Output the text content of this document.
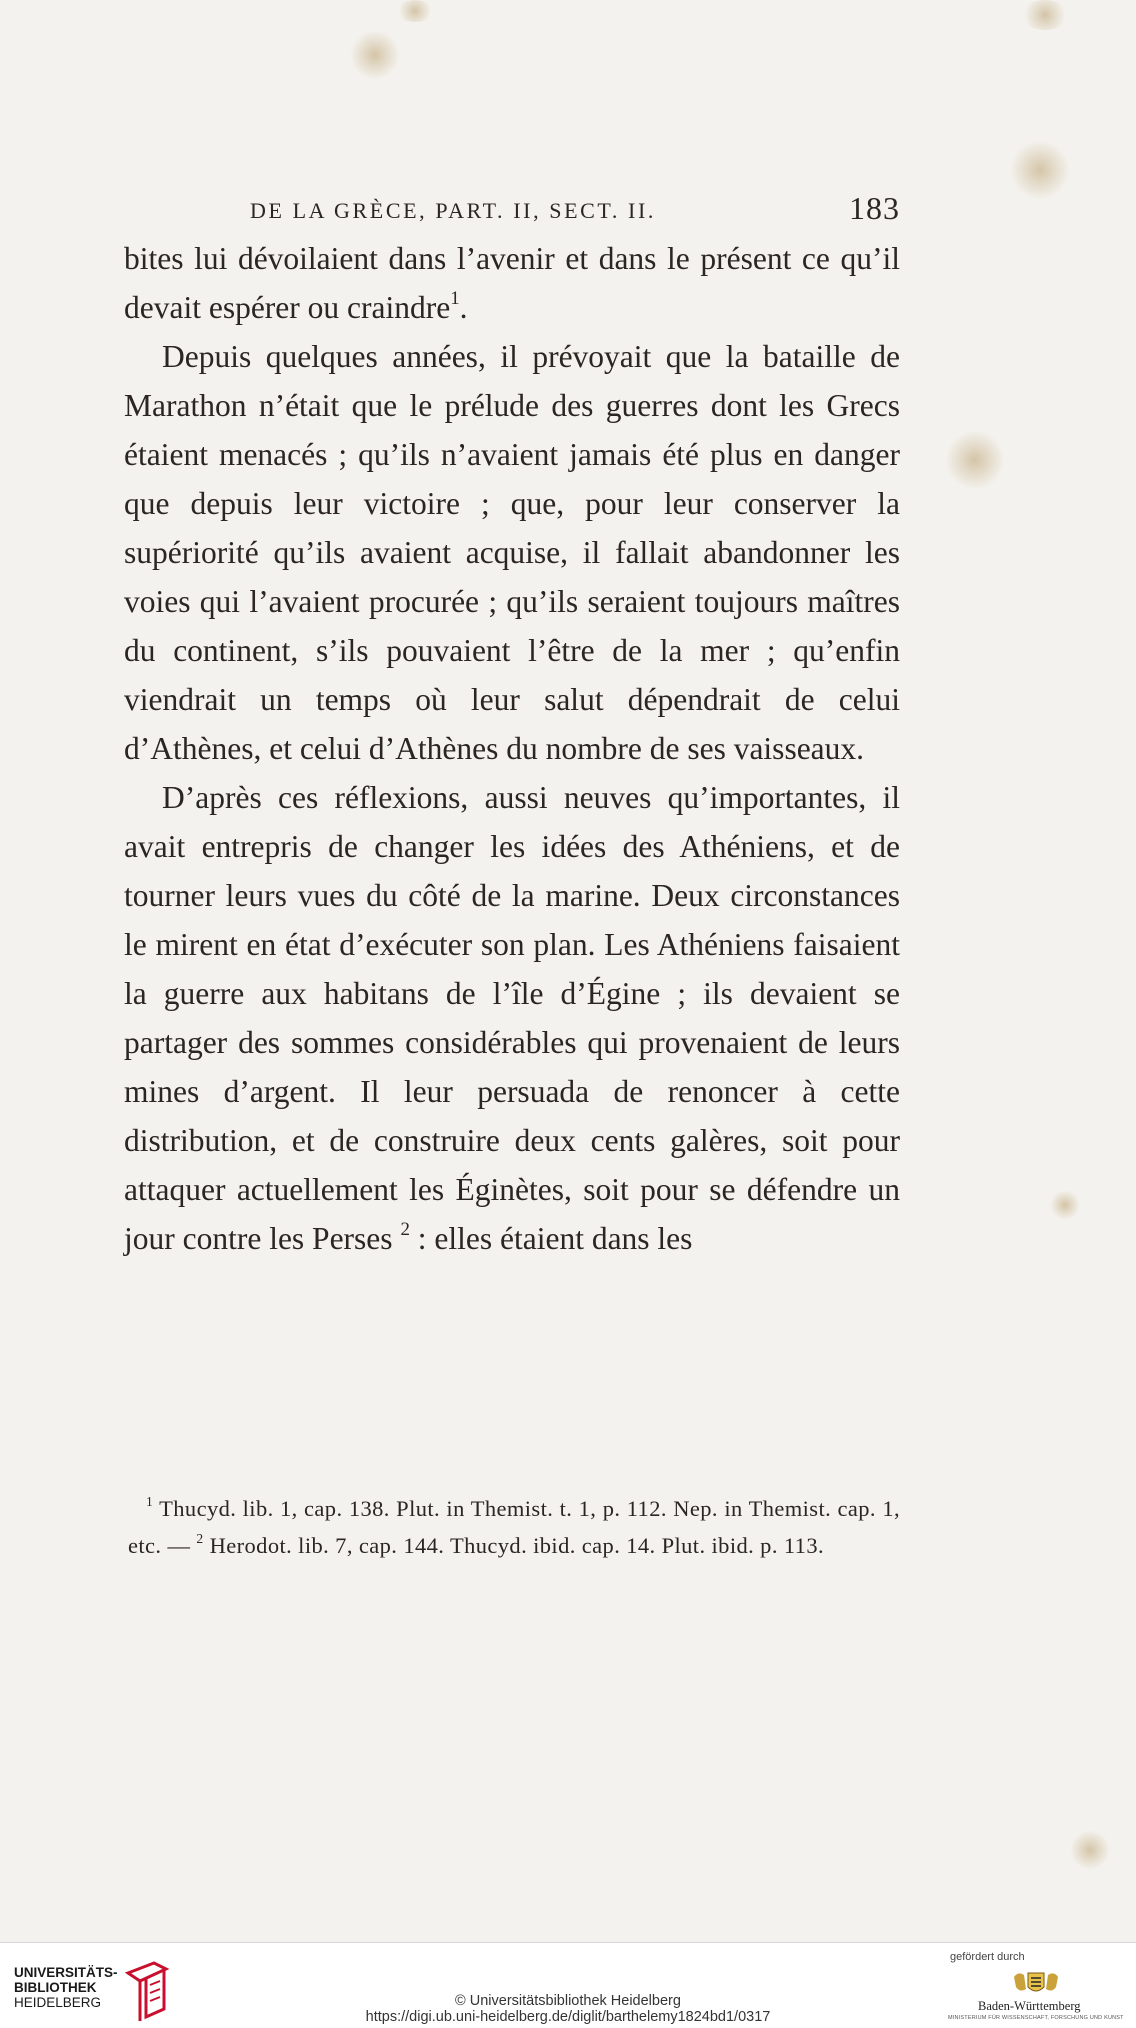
DE LA GRÈCE, PART. II, SECT. II.	183

bites lui dévoilaient dans l’avenir et dans le présent ce qu’il devait espérer ou craindre$^1$.

Depuis quelques années, il prévoyait que la bataille de Marathon n’était que le prélude des guerres dont les Grecs étaient menacés ; qu’ils n’avaient jamais été plus en danger que depuis leur victoire ; que, pour leur conserver la supériorité qu’ils avaient acquise, il fallait abandonner les voies qui l’avaient procurée ; qu’ils seraient toujours maîtres du continent, s’ils pouvaient l’être de la mer ; qu’enfin viendrait un temps où leur salut dépendrait de celui d’Athènes, et celui d’Athènes du nombre de ses vaisseaux.

D’après ces réflexions, aussi neuves qu’importantes, il avait entrepris de changer les idées des Athéniens, et de tourner leurs vues du côté de la marine. Deux circonstances le mirent en état d’exécuter son plan. Les Athéniens faisaient la guerre aux habitans de l’île d’Égine ; ils devaient se partager des sommes considérables qui provenaient de leurs mines d’argent. Il leur persuada de renoncer à cette distribution, et de construire deux cents galères, soit pour attaquer actuellement les Éginètes, soit pour se défendre un jour contre les Perses $^2$ : elles étaient dans les

$^1$ Thucyd. lib. 1, cap. 138. Plut. in Themist. t. 1, p. 112. Nep. in Themist. cap. 1, etc. — $^2$ Herodot. lib. 7, cap. 144. Thucyd. ibid. cap. 14. Plut. ibid. p. 113.

UNIVERSITÄTS-
BIBLIOTHEK
HEIDELBERG	© Universitätsbibliothek Heidelberg
https://digi.ub.uni-heidelberg.de/diglit/barthelemy1824bd1/0317
gefördert durch
Baden-Württemberg
MINISTERIUM FÜR WISSENSCHAFT, FORSCHUNG UND KUNST
